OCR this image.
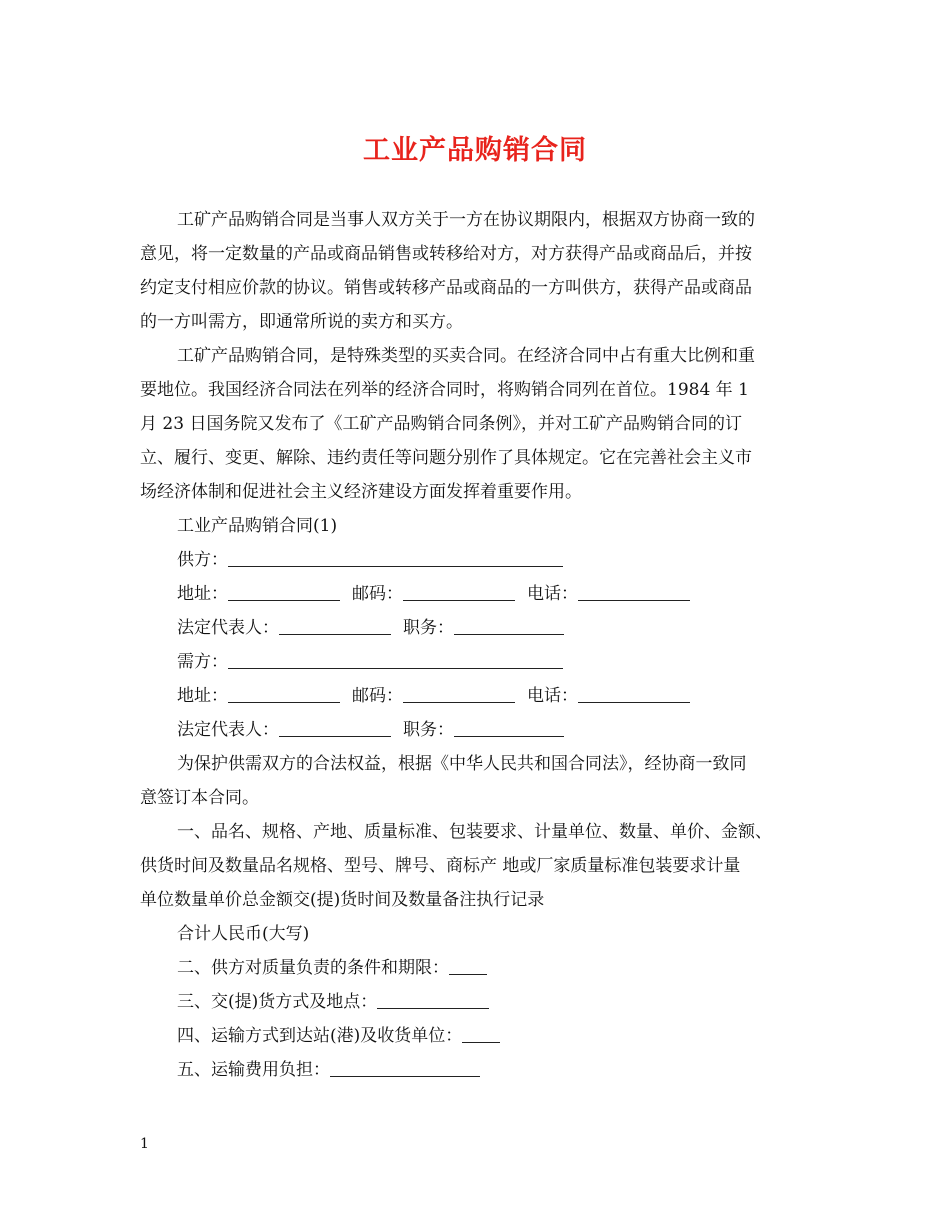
工业产品购销合同
工矿产品购销合同是当事人双方关于一方在协议期限内，根据双方协商一致的
意见，将一定数量的产品或商品销售或转移给对方，对方获得产品或商品后，并按
约定支付相应价款的协议。销售或转移产品或商品的一方叫供方，获得产品或商品
的一方叫需方，即通常所说的卖方和买方。
工矿产品购销合同，是特殊类型的买卖合同。在经济合同中占有重大比例和重
要地位。我国经济合同法在列举的经济合同时，将购销合同列在首位。1984 年 1
月 23 日国务院又发布了《工矿产品购销合同条例》，并对工矿产品购销合同的订
立、履行、变更、解除、违约责任等问题分别作了具体规定。它在完善社会主义市
场经济体制和促进社会主义经济建设方面发挥着重要作用。
工业产品购销合同(1)
供方：
地址：	邮码：	电话：
法定代表人：	职务：
需方：
地址：	邮码：	电话：
法定代表人：	职务：
为保护供需双方的合法权益，根据《中华人民共和国合同法》，经协商一致同
意签订本合同。
一、品名、规格、产地、质量标准、包装要求、计量单位、数量、单价、金额、
供货时间及数量品名规格、型号、牌号、商标产 地或厂家质量标准包装要求计量
单位数量单价总金额交(提)货时间及数量备注执行记录
合计人民币(大写)
二、供方对质量负责的条件和期限：
三、交(提)货方式及地点：
四、运输方式到达站(港)及收货单位：
五、运输费用负担：
1
